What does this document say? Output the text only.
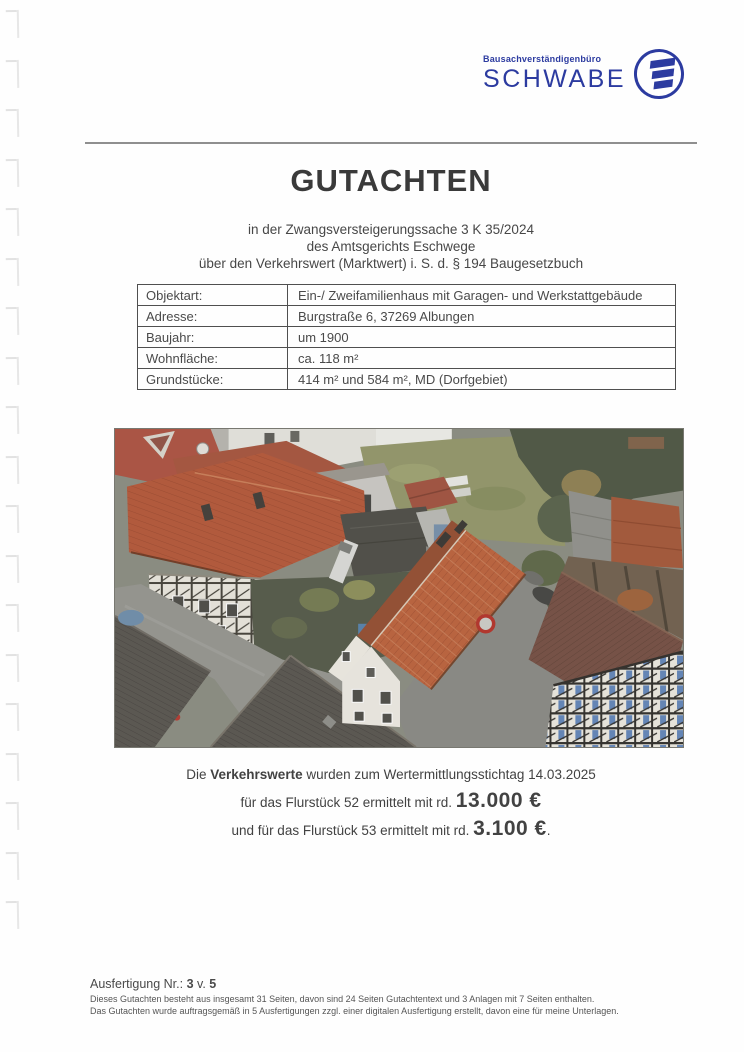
Bausachverständigenbüro
SCHWABE
GUTACHTEN
in der Zwangsversteigerungssache 3 K 35/2024
des Amtsgerichts Eschwege
über den Verkehrswert (Marktwert) i. S. d. § 194 Baugesetzbuch
Objektart:	Ein-/ Zweifamilienhaus mit Garagen- und Werkstattgebäude
Adresse:	Burgstraße 6, 37269 Albungen
Baujahr:	um 1900
Wohnfläche:	ca. 118 m²
Grundstücke:	414 m² und 584 m², MD (Dorfgebiet)

Die Verkehrswerte wurden zum Wertermittlungsstichtag 14.03.2025

für das Flurstück 52 ermittelt mit rd. 13.000 €

und für das Flurstück 53 ermittelt mit rd. 3.100 €.

Ausfertigung Nr.: 3 v. 5
Dieses Gutachten besteht aus insgesamt 31 Seiten, davon sind 24 Seiten Gutachtentext und 3 Anlagen mit 7 Seiten enthalten.
Das Gutachten wurde auftragsgemäß in 5 Ausfertigungen zzgl. einer digitalen Ausfertigung erstellt, davon eine für meine Unterlagen.
